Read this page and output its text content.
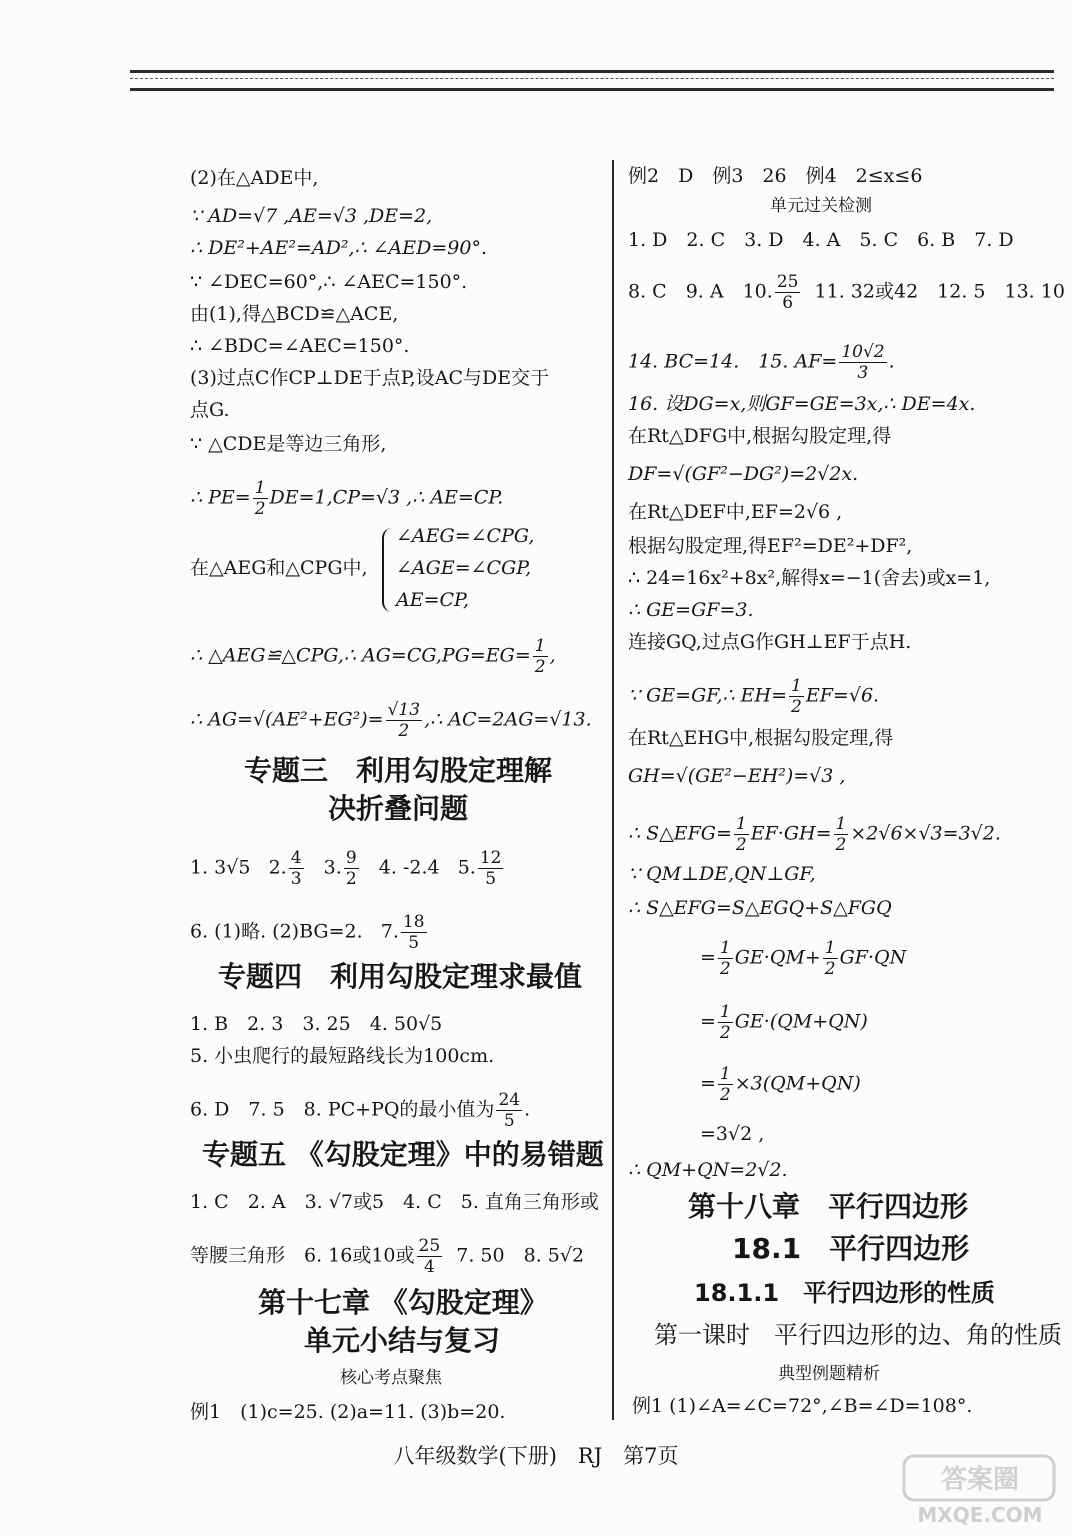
(2)在△ADE中,
∵ AD=√7 ,AE=√3 ,DE=2,
∴ DE²+AE²=AD²,∴ ∠AED=90°.
∵ ∠DEC=60°,∴ ∠AEC=150°.
由(1),得△BCD≌△ACE,
∴ ∠BDC=∠AEC=150°.
(3)过点C作CP⊥DE于点P,设AC与DE交于
点G.
∵ △CDE是等边三角形,
∴ $PE= \frac{1}{2} DE=1,CP=√3$ ,∴ AE=CP.
在△AEG和△CPG中,
∠AEG=∠CPG,
∠AGE=∠CGP,
AE=CP,
∴ △AEG≌△CPG,∴ $AG=CG,PG=EG= \frac{1}{2}$ ,
∴ $AG=√(AE^2+EG^2)= \frac{√13}{2}$ ,∴ AC=2AG=√13.
专题三　利用勾股定理解
决折叠问题
1. 3√5 2. $\frac{4}{3} 3$. $\frac{9}{2} 4$. -2.4 5. $\frac{12}{5}$
6. (1)略. (2)BG=2. 7. $\frac{18}{5}$
专题四　利用勾股定理求最值
1. B　2. 3　3. 25　4. 50√5
5. 小虫爬行的最短路线长为100cm.
6. D　7. 5　8. PC+PQ的最小值为 $\frac{24}{5}$ .
专题五 《勾股定理》中的易错题
1. C　2. A　3. √7或5　4. C　5. 直角三角形或
等腰三角形　6. 16或10或 $\frac{25}{4} 7$. 50　8. 5√2
第十七章 《勾股定理》
单元小结与复习
核心考点聚焦
例1　(1)c=25. (2)a=11. (3)b=20.
例2　D　例3　26　例4　2≤x≤6
单元过关检测
1. D　2. C　3. D　4. A　5. C　6. B　7. D
8. C　9. A　10. $\frac{25}{6} 11$. 32或42　12. 5　13. 10
14. BC=14.　15. $AF= \frac{10√2}{3}$ .
16. 设DG=x,则GF=GE=3x,∴ DE=4x.
在Rt△DFG中,根据勾股定理,得
DF=√(GF²−DG²)=2√2x.
在Rt△DEF中,EF=2√6 ,
根据勾股定理,得EF²=DE²+DF²,
∴ 24=16x²+8x²,解得x=−1(舍去)或x=1,
∴ GE=GF=3.
连接GQ,过点G作GH⊥EF于点H.
∵ GE=GF,∴ $EH= \frac{1}{2} EF=√6$.
在Rt△EHG中,根据勾股定理,得
GH=√(GE²−EH²)=√3 ,
∴ S△EFG= $\frac{1}{2} EF\cdot GH= \frac{1}{2} \times 2√6\times√3=3√2$.
∵ QM⊥DE,QN⊥GF,
∴ S△EFG=S△EGQ+S△FGQ
= $\frac{1}{2} GE\cdot QM+ \frac{1}{2} GF\cdot QN$
= $\frac{1}{2} GE\cdot(QM+QN)$
= $\frac{1}{2} \times 3(QM+QN)$
=3√2 ,
∴ QM+QN=2√2.
第十八章　平行四边形
18.1　平行四边形
18.1.1　平行四边形的性质
第一课时　平行四边形的边、角的性质
典型例题精析
例1 (1)∠A=∠C=72°,∠B=∠D=108°.
八年级数学(下册)　RJ　第7页
答案圈
MXQE.COM
